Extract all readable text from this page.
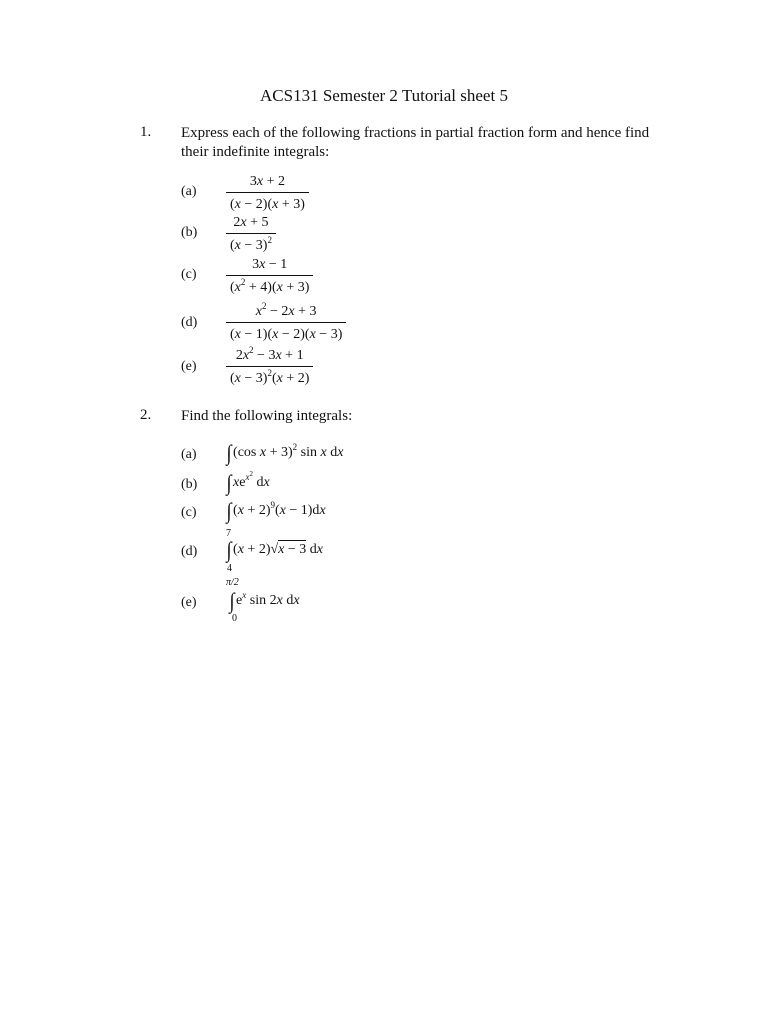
ACS131 Semester 2 Tutorial sheet 5
1. Express each of the following fractions in partial fraction form and hence find their indefinite integrals:
$(a) \frac{3x + 2}{(x - 2)(x + 3)}$
$(b) \frac{2x + 5}{(x - 3)^2}$
$(c) \frac{3x - 1}{(x^2 + 4)(x + 3)}$
$(d) \frac{x^2 - 2x + 3}{(x - 1)(x - 2)(x - 3)}$
$(e) \frac{2x^2 - 3x + 1}{(x - 3)^2(x + 2)}$
2. Find the following integrals:
(a) ∫(cos x + 3)$^2$ sin x dx
(b) $\int xe^{x^2}$ dx
(c) $\int(x + 2)^9(x - 1)dx$
7
(d) ∫(x + 2)√x − 3 dx
4
π/2
(e) $\int e^x$ sin 2x dx
0
